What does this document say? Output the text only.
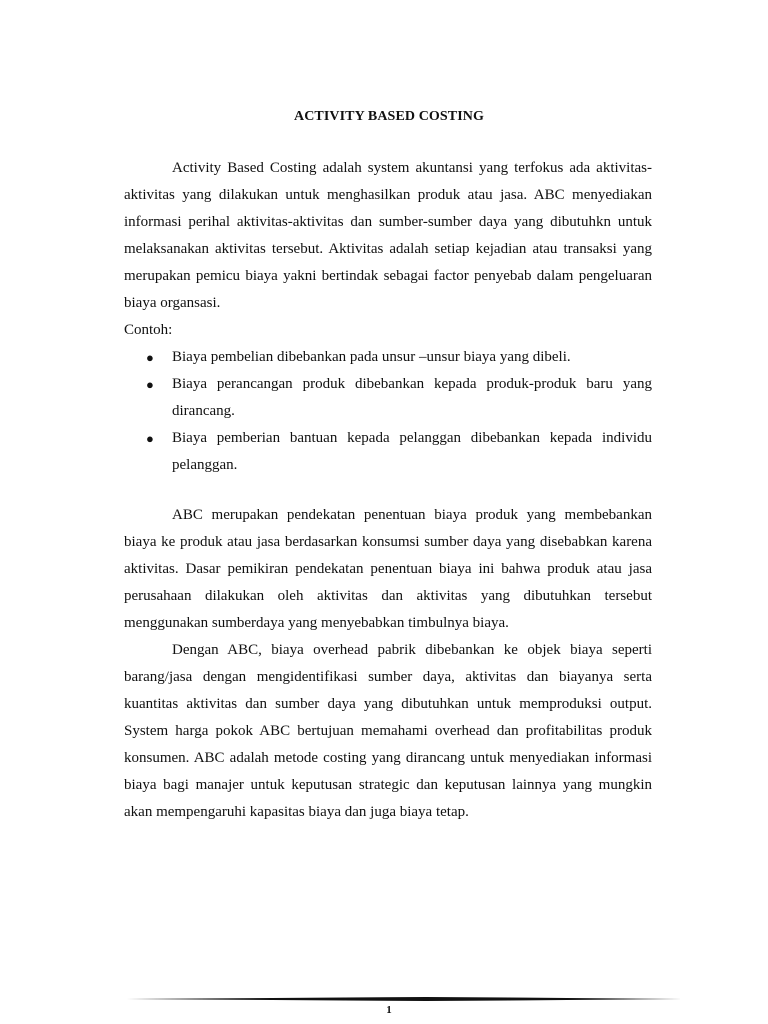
ACTIVITY BASED COSTING

Activity Based Costing adalah system akuntansi yang terfokus ada aktivitas-aktivitas yang dilakukan untuk menghasilkan produk atau jasa. ABC menyediakan informasi perihal aktivitas-aktivitas dan sumber-sumber daya yang dibutuhkn untuk melaksanakan aktivitas tersebut. Aktivitas adalah setiap kejadian atau transaksi yang merupakan pemicu biaya yakni bertindak sebagai factor penyebab dalam pengeluaran biaya organsasi.

Contoh:

● Biaya pembelian dibebankan pada unsur –unsur biaya yang dibeli.
● Biaya perancangan produk dibebankan kepada produk-produk baru yang dirancang.
● Biaya pemberian bantuan kepada pelanggan dibebankan kepada individu pelanggan.

ABC merupakan pendekatan penentuan biaya produk yang membebankan biaya ke produk atau jasa berdasarkan konsumsi sumber daya yang disebabkan karena aktivitas. Dasar pemikiran pendekatan penentuan biaya ini bahwa produk atau jasa perusahaan dilakukan oleh aktivitas dan aktivitas yang dibutuhkan tersebut menggunakan sumberdaya yang menyebabkan timbulnya biaya.

Dengan ABC, biaya overhead pabrik dibebankan ke objek biaya seperti barang/jasa dengan mengidentifikasi sumber daya, aktivitas dan biayanya serta kuantitas aktivitas dan sumber daya yang dibutuhkan untuk memproduksi output. System harga pokok ABC bertujuan memahami overhead dan profitabilitas produk konsumen. ABC adalah metode costing yang dirancang untuk menyediakan informasi biaya bagi manajer untuk keputusan strategic dan keputusan lainnya yang mungkin akan mempengaruhi kapasitas biaya dan juga biaya tetap.

1
